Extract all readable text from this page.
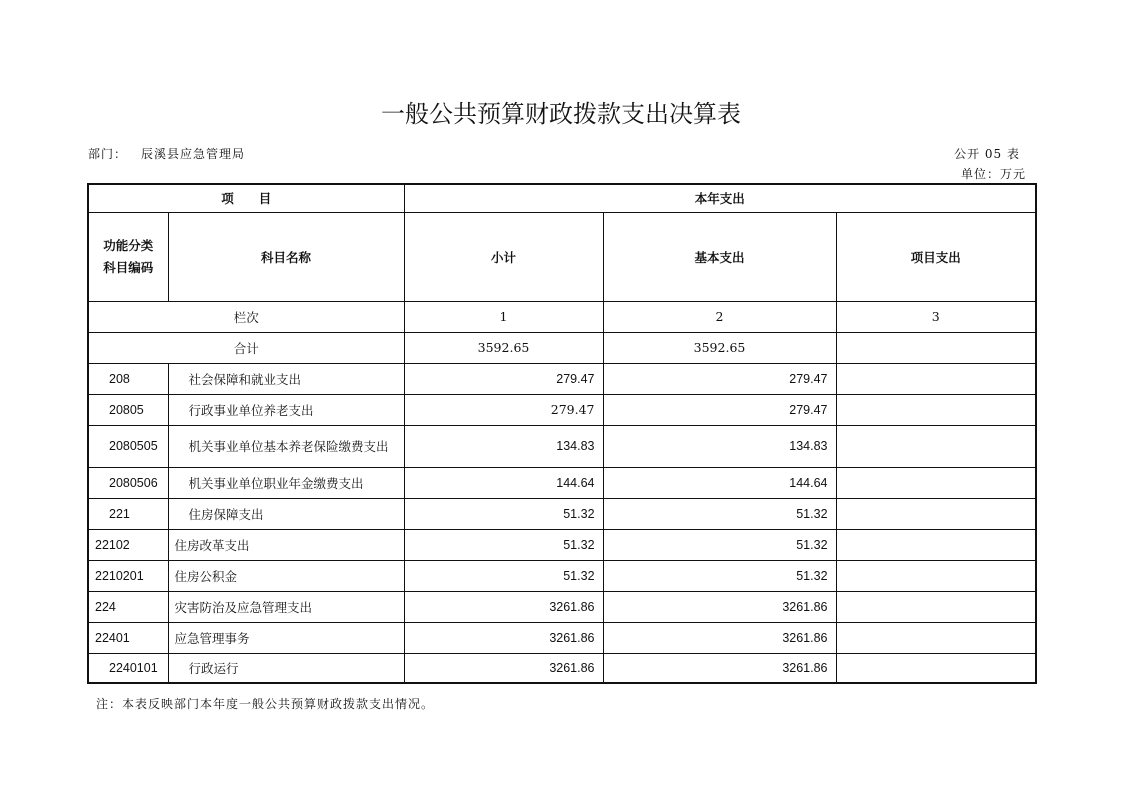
一般公共预算财政拨款支出决算表
部门： 辰溪县应急管理局	公开 05 表
单位：万元
项　　目		本年支出		
功能分类
科目编码	科目名称	小计	基本支出	项目支出
栏次		1	2	3
合计		3592.65	3592.65	
208	社会保障和就业支出	279.47	279.47	
20805	行政事业单位养老支出	279.47	279.47	
2080505	机关事业单位基本养老保险缴费支出	134.83	134.83	
2080506	机关事业单位职业年金缴费支出	144.64	144.64	
221	住房保障支出	51.32	51.32	
22102	住房改革支出	51.32	51.32	
2210201	住房公积金	51.32	51.32	
224	灾害防治及应急管理支出	3261.86	3261.86	
22401	应急管理事务	3261.86	3261.86	
2240101	行政运行	3261.86	3261.86	
注：本表反映部门本年度一般公共预算财政拨款支出情况。
